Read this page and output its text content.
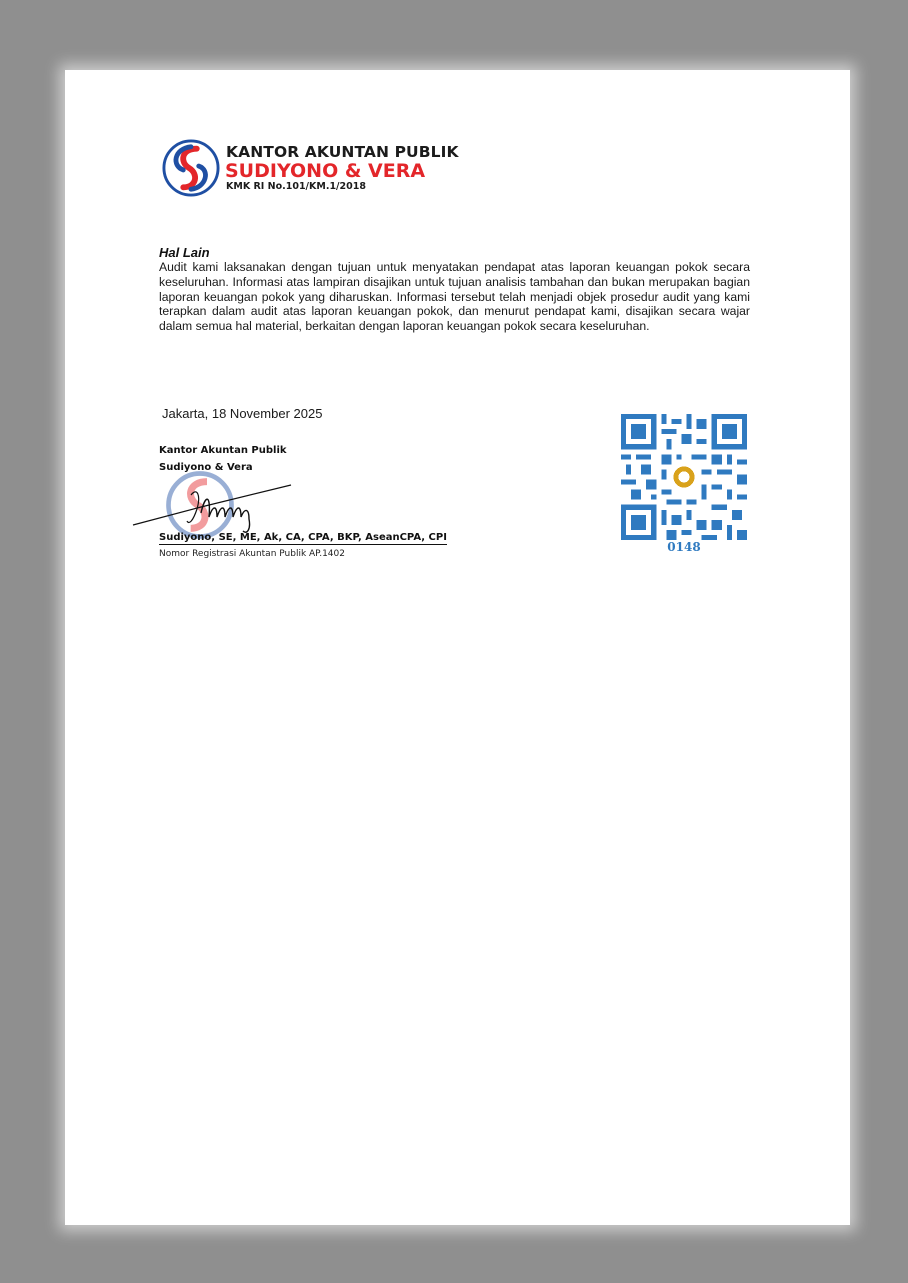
KANTOR AKUNTAN PUBLIK
SUDIYONO & VERA
KMK RI No.101/KM.1/2018
Hal Lain
Audit kami laksanakan dengan tujuan untuk menyatakan pendapat atas laporan keuangan pokok secara keseluruhan. Informasi atas lampiran disajikan untuk tujuan analisis tambahan dan bukan merupakan bagian laporan keuangan pokok yang diharuskan. Informasi tersebut telah menjadi objek prosedur audit yang kami terapkan dalam audit atas laporan keuangan pokok, dan menurut pendapat kami, disajikan secara wajar dalam semua hal material, berkaitan dengan laporan keuangan pokok secara keseluruhan.
Jakarta, 18 November 2025
Kantor Akuntan Publik
Sudiyono & Vera
Sudiyono, SE, ME, Ak, CA, CPA, BKP, AseanCPA, CPI
Nomor Registrasi Akuntan Publik AP.1402	0148
